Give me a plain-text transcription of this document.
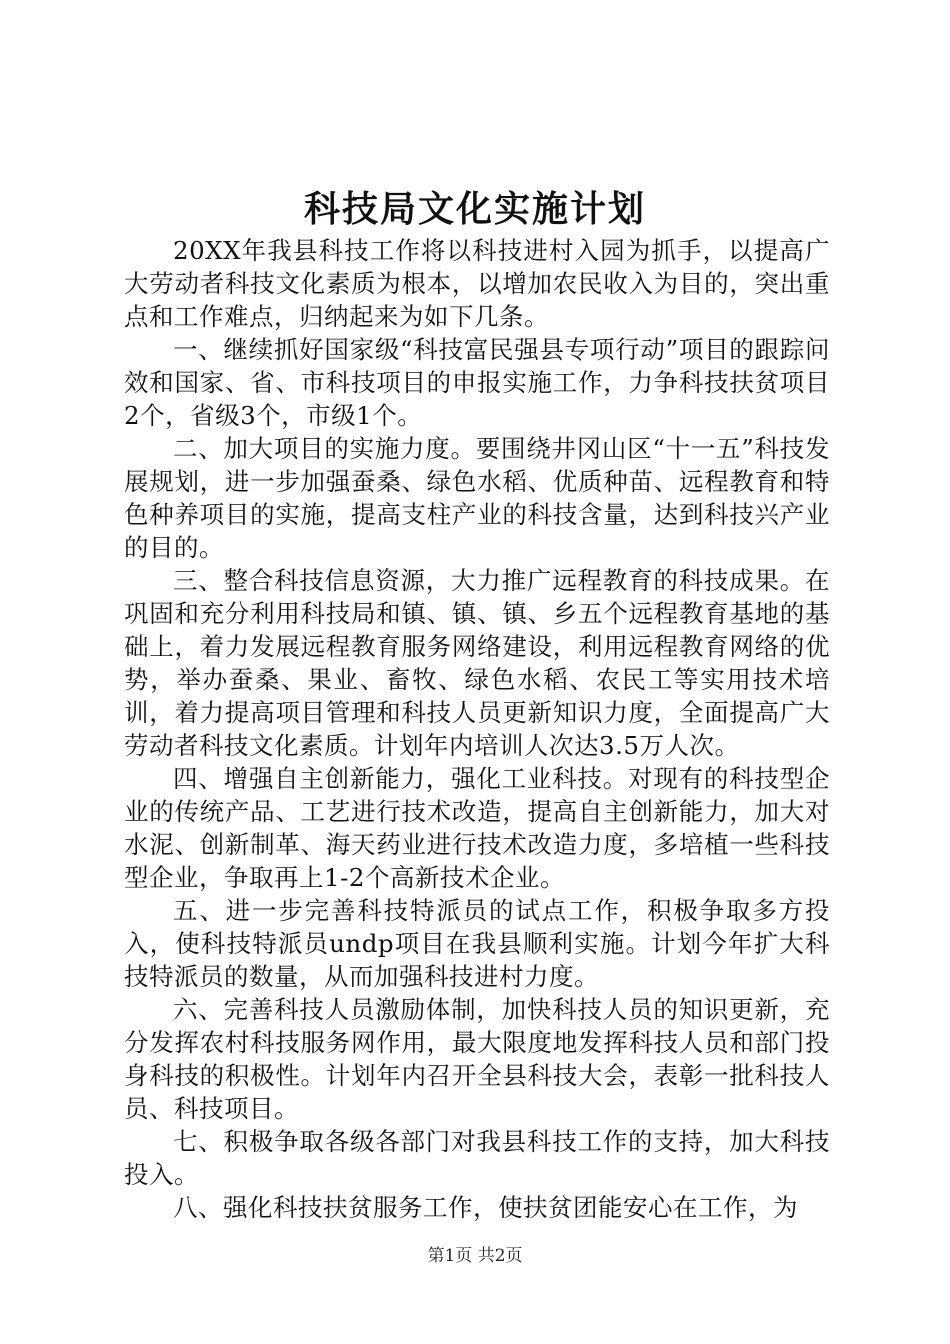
科技局文化实施计划

20XX年我县科技工作将以科技进村入园为抓手，以提高广大劳动者科技文化素质为根本，以增加农民收入为目的，突出重点和工作难点，归纳起来为如下几条。

一、继续抓好国家级“科技富民强县专项行动”项目的跟踪问效和国家、省、市科技项目的申报实施工作，力争科技扶贫项目2个，省级3个，市级1个。

二、加大项目的实施力度。要围绕井冈山区“十一五”科技发展规划，进一步加强蚕桑、绿色水稻、优质种苗、远程教育和特色种养项目的实施，提高支柱产业的科技含量，达到科技兴产业的目的。

三、整合科技信息资源，大力推广远程教育的科技成果。在巩固和充分利用科技局和镇、镇、镇、乡五个远程教育基地的基础上，着力发展远程教育服务网络建设，利用远程教育网络的优势，举办蚕桑、果业、畜牧、绿色水稻、农民工等实用技术培训，着力提高项目管理和科技人员更新知识力度，全面提高广大劳动者科技文化素质。计划年内培训人次达3.5万人次。

四、增强自主创新能力，强化工业科技。对现有的科技型企业的传统产品、工艺进行技术改造，提高自主创新能力，加大对水泥、创新制革、海天药业进行技术改造力度，多培植一些科技型企业，争取再上1-2个高新技术企业。

五、进一步完善科技特派员的试点工作，积极争取多方投入，使科技特派员undp项目在我县顺利实施。计划今年扩大科技特派员的数量，从而加强科技进村力度。

六、完善科技人员激励体制，加快科技人员的知识更新，充分发挥农村科技服务网作用，最大限度地发挥科技人员和部门投身科技的积极性。计划年内召开全县科技大会，表彰一批科技人员、科技项目。

七、积极争取各级各部门对我县科技工作的支持，加大科技投入。

八、强化科技扶贫服务工作，使扶贫团能安心在工作，为

第1页 共2页
